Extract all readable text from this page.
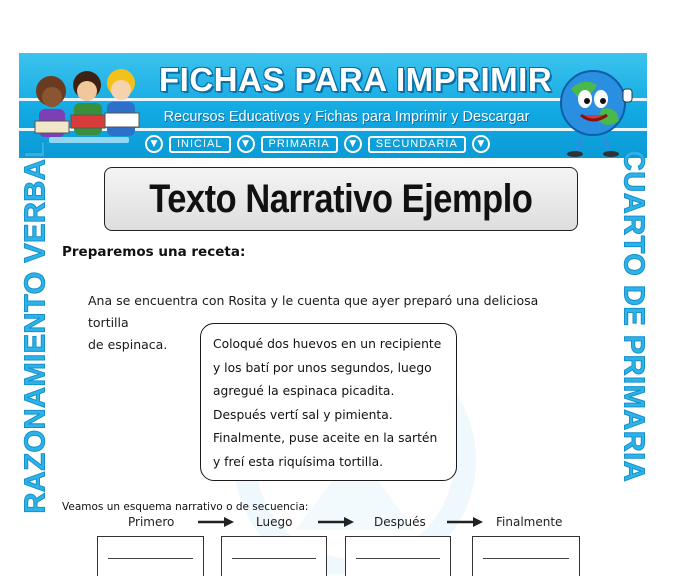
FICHAS PARA IMPRIMIR
Recursos Educativos y Fichas para Imprimir y Descargar
▼	INICIAL	▼	PRIMARIA	▼	SECUNDARIA	▼
RAZONAMIENTO VERBAL	CUARTO DE PRIMARIA
Texto Narrativo Ejemplo
Preparemos una receta:
Ana se encuentra con Rosita y le cuenta que ayer preparó una deliciosa tortilla
de espinaca.	Coloqué dos huevos en un recipiente
y los batí por unos segundos, luego
agregué la espinaca picadita.
Después vertí sal y pimienta.
Finalmente, puse aceite en la sartén
y freí esta riquísima tortilla.
Veamos un esquema narrativo o de secuencia:
Primero	Luego	Después	Finalmente
